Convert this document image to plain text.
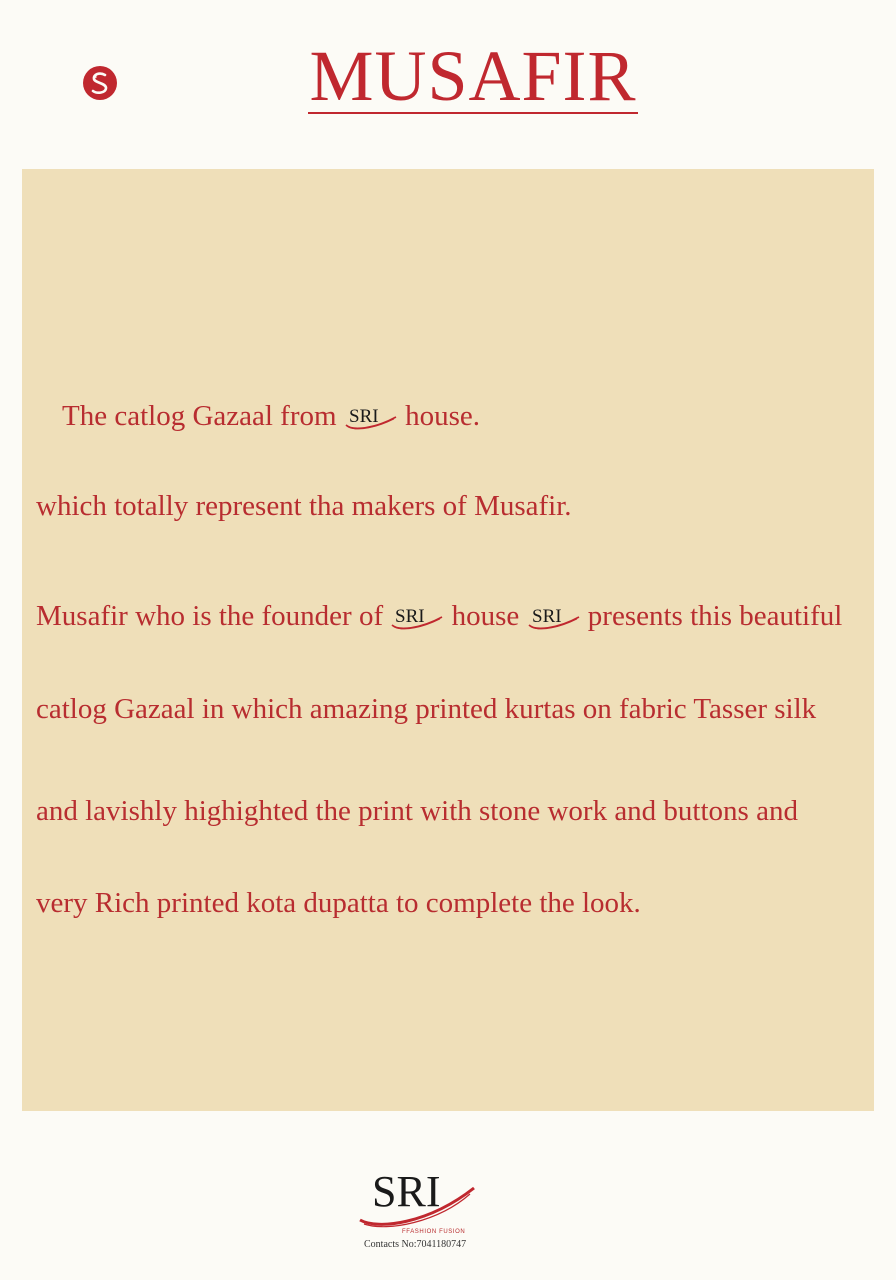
MUSAFIR
The catlog Gazaal from SRI house.
which totally represent tha makers of Musafir.
Musafir who is the founder of SRI house SRI presents this beautiful
catlog Gazaal in which amazing printed kurtas on fabric Tasser silk
and lavishly highighted the print with stone work and buttons and
very Rich printed kota dupatta to complete the look.
SRI
FFASHION FUSION
Contacts No:7041180747
